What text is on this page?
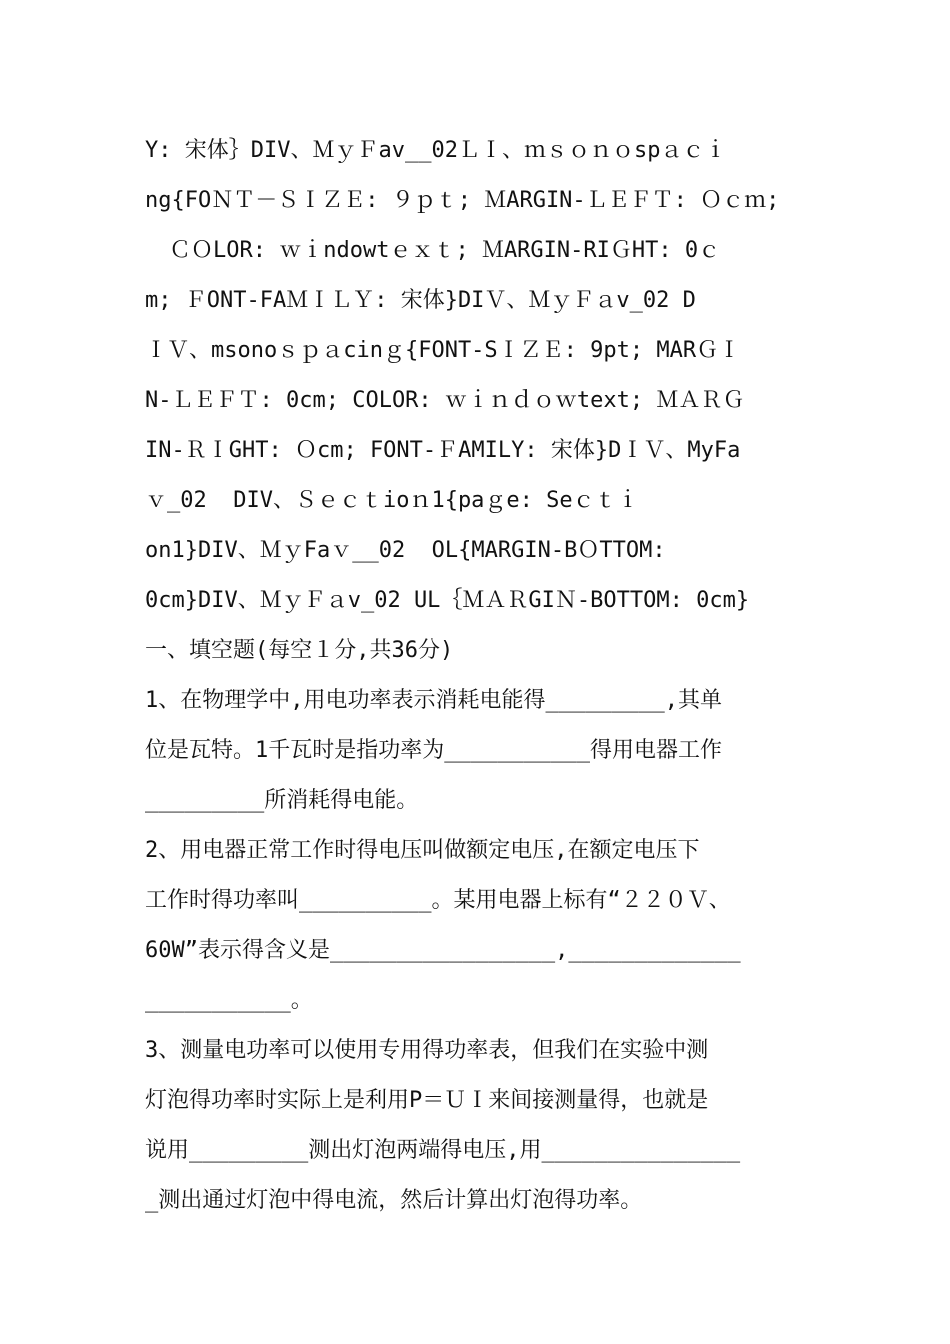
Y: 宋体｝DIV、ＭｙＦav__02ＬＩ、ｍｓｏｎｏspａｃｉ
ng{FOＮＴ－ＳＩＺＥ: ９ｐｔ; ＭARGIN-ＬＥＦＴ: Ｏｃｍ;
ＣＯLOR: ｗｉndowtｅｘｔ; ＭARGIN-RIＧHT: 0ｃ
m; ＦONT-FAＭＩＬＹ: 宋体}DIＶ、ＭｙＦａv_02 D
ＩＶ、msonoｓｐａcinｇ{FONT-SＩＺＥ: 9pt; MARＧＩ
N-ＬＥＦＴ: 0cm; COLOR: ｗｉｎｄｏｗtext; ＭＡＲＧ
IN-ＲＩGHT: Ｏcm; FONT-ＦAMILY: 宋体}DＩＶ、MyFa
ｖ_02  DIV、Ｓｅｃｔioｎ1{paｇe: Seｃｔｉ
on1}DIV、ＭｙFaｖ__02  OL{MARGIN-BＯTTOM:
0cm}DIV、ＭｙＦａv_02 UL｛ＭＡＲGIＮ-BOTTOM: 0cm}
一、填空题(每空１分,共36分)
1、在物理学中,用电功率表示消耗电能得_________,其单
位是瓦特。1千瓦时是指功率为___________得用电器工作
_________所消耗得电能。
2、用电器正常工作时得电压叫做额定电压,在额定电压下
工作时得功率叫__________。某用电器上标有“２２０Ｖ、
60W”表示得含义是_________________,_____________
___________。
3、测量电功率可以使用专用得功率表，但我们在实验中测
灯泡得功率时实际上是利用P＝ＵＩ来间接测量得，也就是
说用_________测出灯泡两端得电压,用_______________
_测出通过灯泡中得电流，然后计算出灯泡得功率。
